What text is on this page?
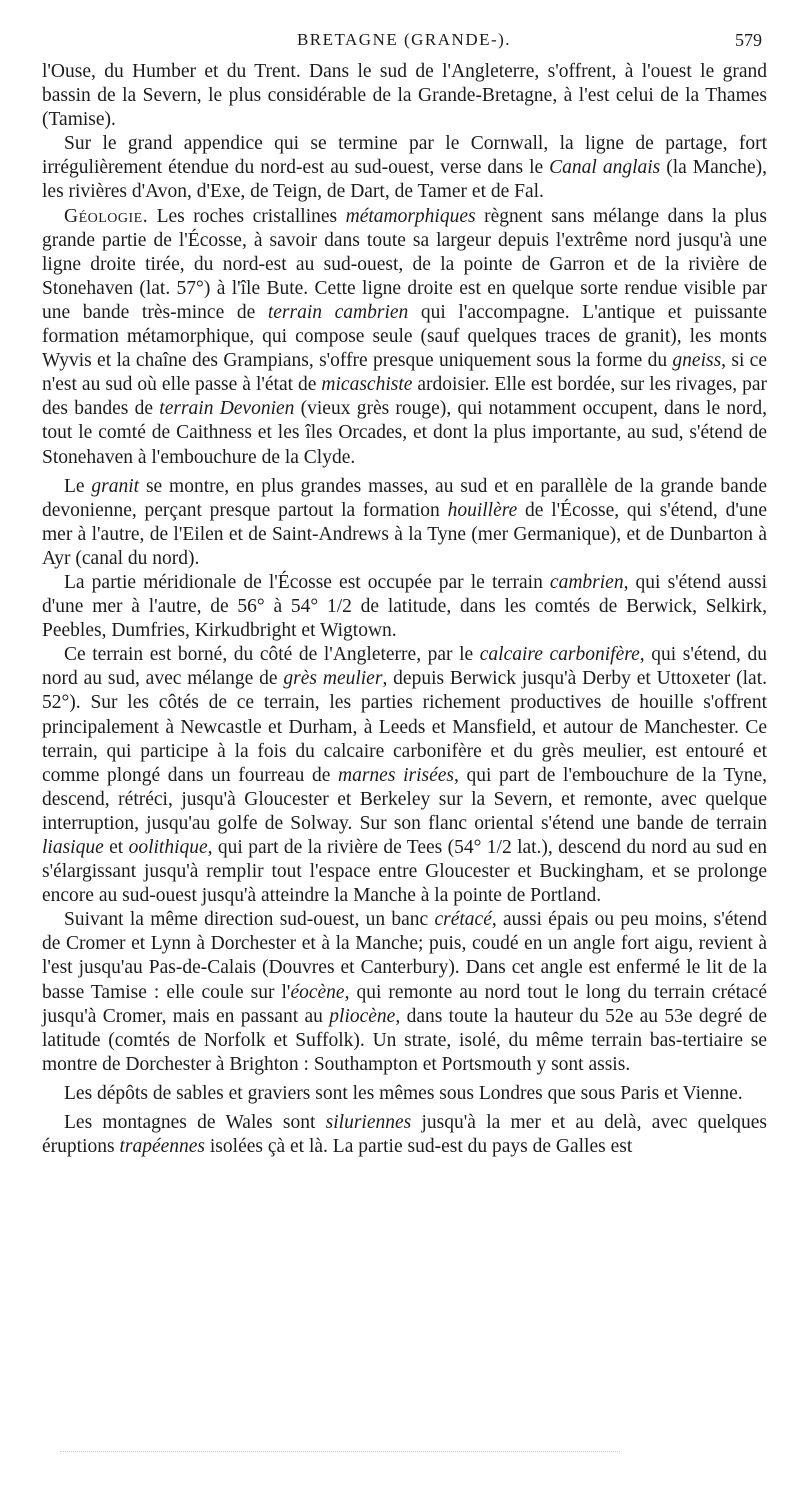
BRETAGNE (GRANDE-).	579

l'Ouse, du Humber et du Trent. Dans le sud de l'Angleterre, s'offrent, à l'ouest le grand bassin de la Severn, le plus considérable de la Grande-Bretagne, à l'est celui de la Thames (Tamise).

Sur le grand appendice qui se termine par le Cornwall, la ligne de partage, fort irrégulièrement étendue du nord-est au sud-ouest, verse dans le Canal anglais (la Manche), les rivières d'Avon, d'Exe, de Teign, de Dart, de Tamer et de Fal.

Géologie. Les roches cristallines métamorphiques règnent sans mélange dans la plus grande partie de l'Écosse, à savoir dans toute sa largeur depuis l'extrême nord jusqu'à une ligne droite tirée, du nord-est au sud-ouest, de la pointe de Garron et de la rivière de Stonehaven (lat. 57°) à l'île Bute. Cette ligne droite est en quelque sorte rendue visible par une bande très-mince de terrain cambrien qui l'accompagne. L'antique et puissante formation métamorphique, qui compose seule (sauf quelques traces de granit), les monts Wyvis et la chaîne des Grampians, s'offre presque uniquement sous la forme du gneiss, si ce n'est au sud où elle passe à l'état de micaschiste ardoisier. Elle est bordée, sur les rivages, par des bandes de terrain Devonien (vieux grès rouge), qui notamment occupent, dans le nord, tout le comté de Caithness et les îles Orcades, et dont la plus importante, au sud, s'étend de Stonehaven à l'embouchure de la Clyde.

Le granit se montre, en plus grandes masses, au sud et en parallèle de la grande bande devonienne, perçant presque partout la formation houillère de l'Écosse, qui s'étend, d'une mer à l'autre, de l'Eilen et de Saint-Andrews à la Tyne (mer Germanique), et de Dunbarton à Ayr (canal du nord).

La partie méridionale de l'Écosse est occupée par le terrain cambrien, qui s'étend aussi d'une mer à l'autre, de 56° à 54° 1/2 de latitude, dans les comtés de Berwick, Selkirk, Peebles, Dumfries, Kirkudbright et Wigtown.

Ce terrain est borné, du côté de l'Angleterre, par le calcaire carbonifère, qui s'étend, du nord au sud, avec mélange de grès meulier, depuis Berwick jusqu'à Derby et Uttoxeter (lat. 52°). Sur les côtés de ce terrain, les parties richement productives de houille s'offrent principalement à Newcastle et Durham, à Leeds et Mansfield, et autour de Manchester. Ce terrain, qui participe à la fois du calcaire carbonifère et du grès meulier, est entouré et comme plongé dans un fourreau de marnes irisées, qui part de l'embouchure de la Tyne, descend, rétréci, jusqu'à Gloucester et Berkeley sur la Severn, et remonte, avec quelque interruption, jusqu'au golfe de Solway. Sur son flanc oriental s'étend une bande de terrain liasique et oolithique, qui part de la rivière de Tees (54° 1/2 lat.), descend du nord au sud en s'élargissant jusqu'à remplir tout l'espace entre Gloucester et Buckingham, et se prolonge encore au sud-ouest jusqu'à atteindre la Manche à la pointe de Portland.

Suivant la même direction sud-ouest, un banc crétacé, aussi épais ou peu moins, s'étend de Cromer et Lynn à Dorchester et à la Manche; puis, coudé en un angle fort aigu, revient à l'est jusqu'au Pas-de-Calais (Douvres et Canterbury). Dans cet angle est enfermé le lit de la basse Tamise : elle coule sur l'éocène, qui remonte au nord tout le long du terrain crétacé jusqu'à Cromer, mais en passant au pliocène, dans toute la hauteur du 52e au 53e degré de latitude (comtés de Norfolk et Suffolk). Un strate, isolé, du même terrain bas-tertiaire se montre de Dorchester à Brighton : Southampton et Portsmouth y sont assis.

Les dépôts de sables et graviers sont les mêmes sous Londres que sous Paris et Vienne.

Les montagnes de Wales sont siluriennes jusqu'à la mer et au delà, avec quelques éruptions trapéennes isolées çà et là. La partie sud-est du pays de Galles est
